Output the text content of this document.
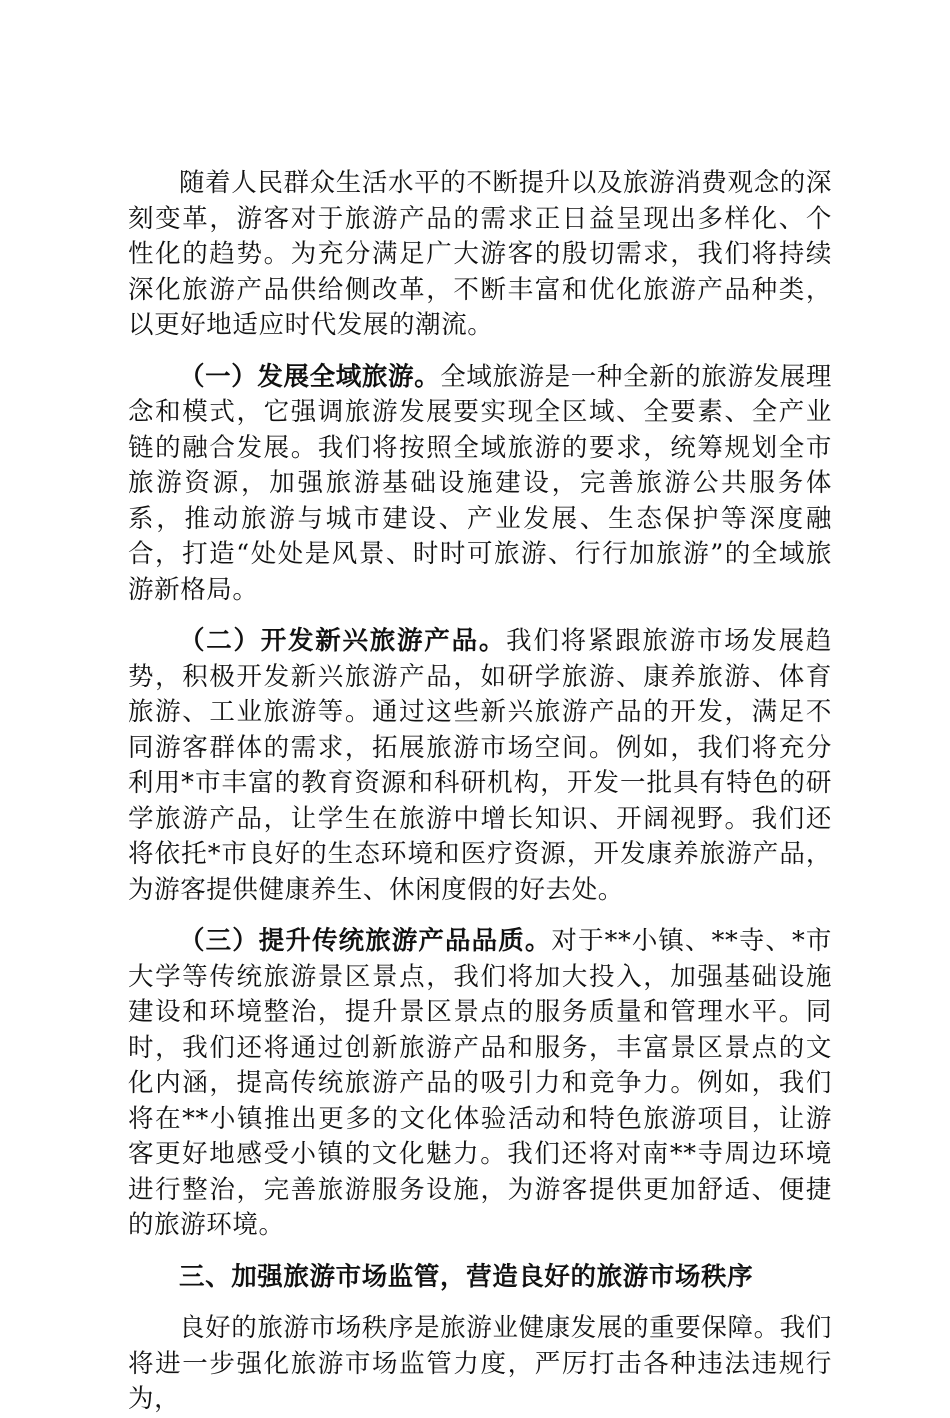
随着人民群众生活水平的不断提升以及旅游消费观念的深刻变革，游客对于旅游产品的需求正日益呈现出多样化、个性化的趋势。为充分满足广大游客的殷切需求，我们将持续深化旅游产品供给侧改革，不断丰富和优化旅游产品种类，以更好地适应时代发展的潮流。

（一）发展全域旅游。全域旅游是一种全新的旅游发展理念和模式，它强调旅游发展要实现全区域、全要素、全产业链的融合发展。我们将按照全域旅游的要求，统筹规划全市旅游资源，加强旅游基础设施建设，完善旅游公共服务体系，推动旅游与城市建设、产业发展、生态保护等深度融合，打造“处处是风景、时时可旅游、行行加旅游”的全域旅游新格局。

（二）开发新兴旅游产品。我们将紧跟旅游市场发展趋势，积极开发新兴旅游产品，如研学旅游、康养旅游、体育旅游、工业旅游等。通过这些新兴旅游产品的开发，满足不同游客群体的需求，拓展旅游市场空间。例如，我们将充分利用*市丰富的教育资源和科研机构，开发一批具有特色的研学旅游产品，让学生在旅游中增长知识、开阔视野。我们还将依托*市良好的生态环境和医疗资源，开发康养旅游产品，为游客提供健康养生、休闲度假的好去处。

（三）提升传统旅游产品品质。对于**小镇、**寺、*市大学等传统旅游景区景点，我们将加大投入，加强基础设施建设和环境整治，提升景区景点的服务质量和管理水平。同时，我们还将通过创新旅游产品和服务，丰富景区景点的文化内涵，提高传统旅游产品的吸引力和竞争力。例如，我们将在**小镇推出更多的文化体验活动和特色旅游项目，让游客更好地感受小镇的文化魅力。我们还将对南**寺周边环境进行整治，完善旅游服务设施，为游客提供更加舒适、便捷的旅游环境。

三、加强旅游市场监管，营造良好的旅游市场秩序

良好的旅游市场秩序是旅游业健康发展的重要保障。我们将进一步强化旅游市场监管力度，严厉打击各种违法违规行为，
